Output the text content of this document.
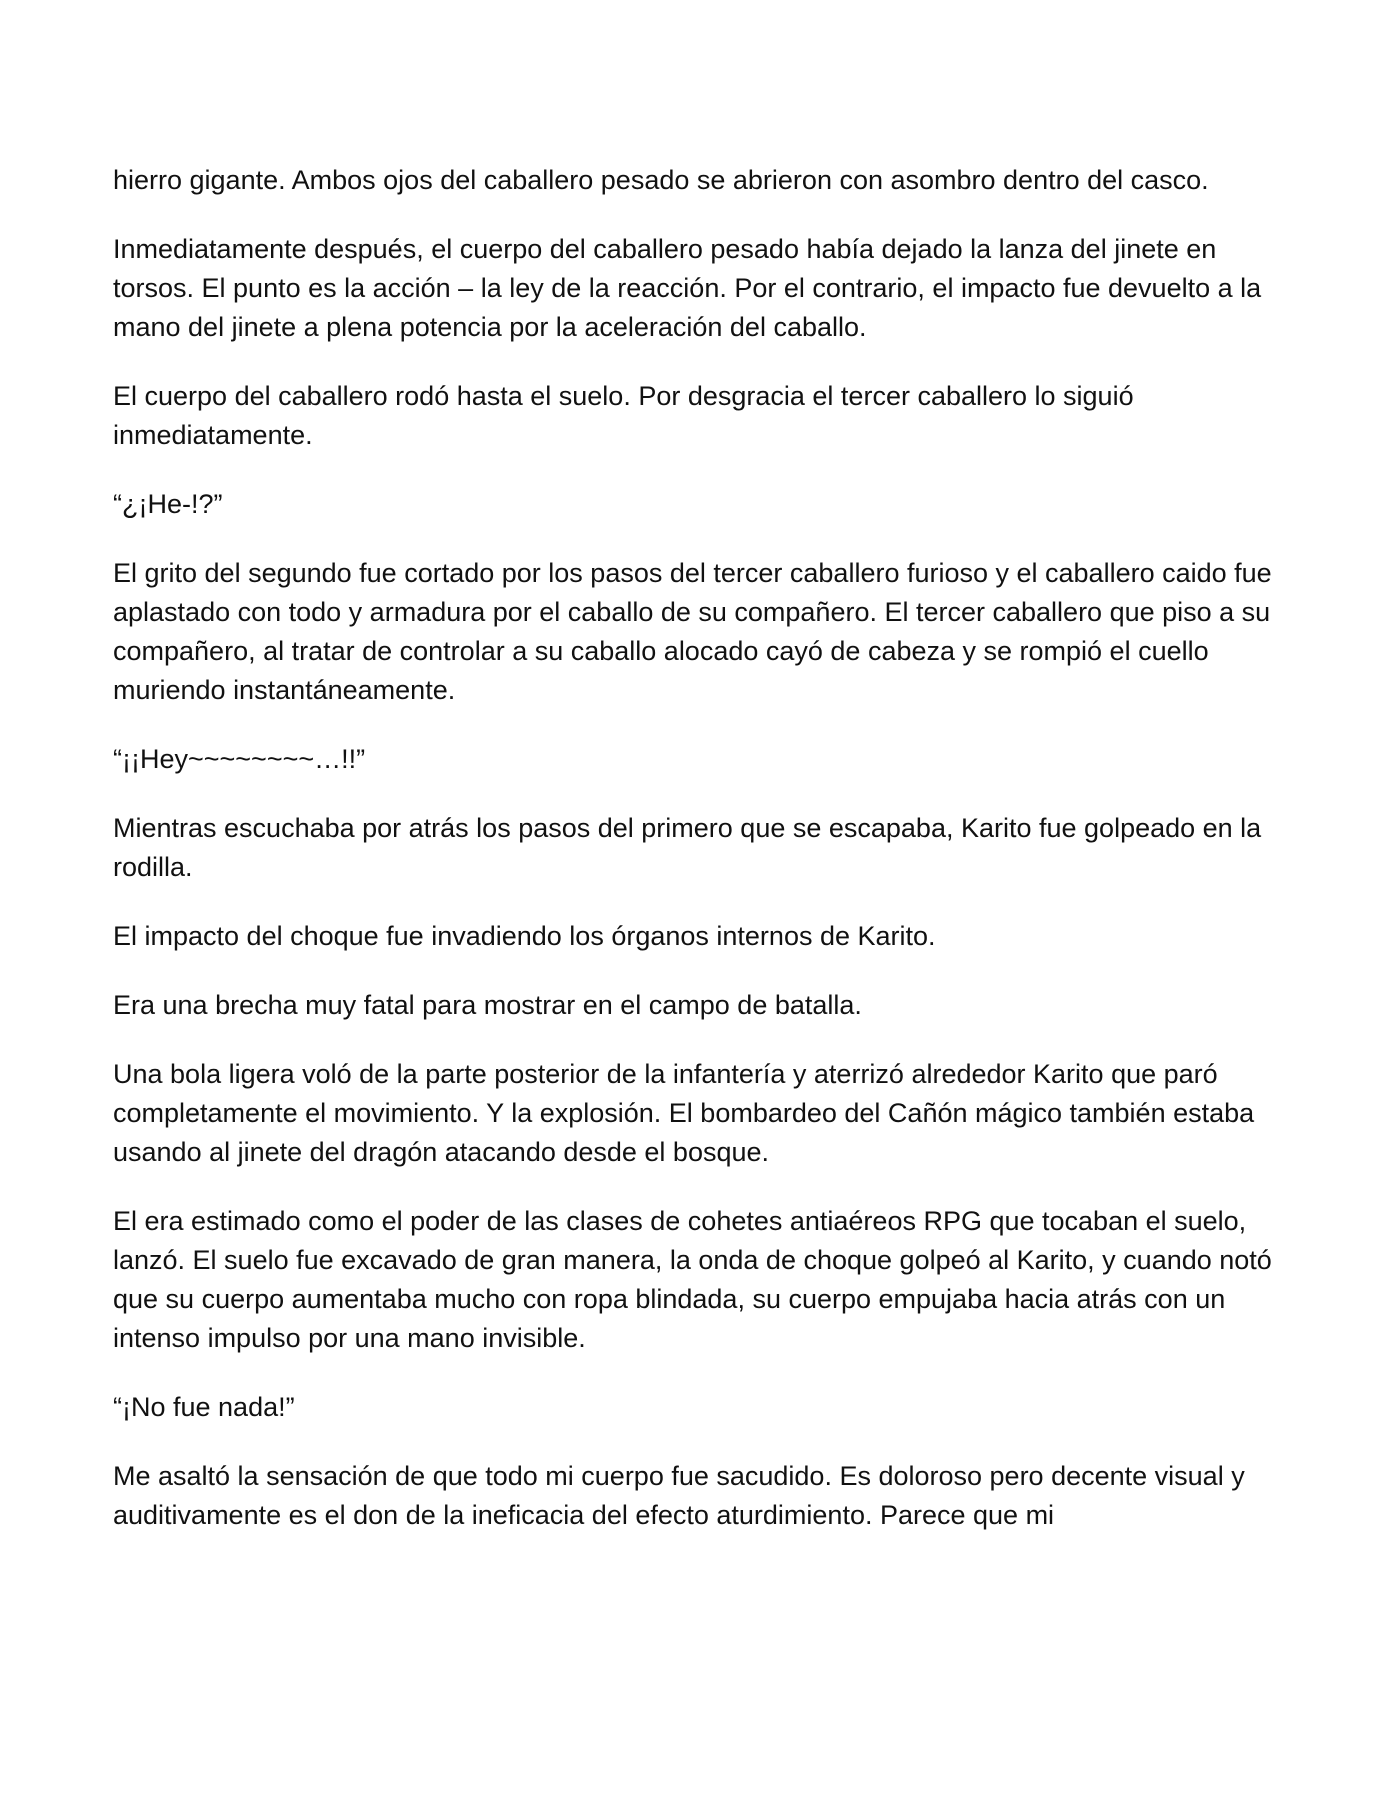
hierro gigante. Ambos ojos del caballero pesado se abrieron con asombro dentro del casco.

Inmediatamente después, el cuerpo del caballero pesado había dejado la lanza del jinete en torsos. El punto es la acción – la ley de la reacción. Por el contrario, el impacto fue devuelto a la mano del jinete a plena potencia por la aceleración del caballo.

El cuerpo del caballero rodó hasta el suelo. Por desgracia el tercer caballero lo siguió inmediatamente.

“¿¡He-!?”

El grito del segundo fue cortado por los pasos del tercer caballero furioso y el caballero caido fue aplastado con todo y armadura por el caballo de su compañero. El tercer caballero que piso a su compañero, al tratar de controlar a su caballo alocado cayó de cabeza y se rompió el cuello muriendo instantáneamente.

“¡¡Hey~~~~~~~~…!!”

Mientras escuchaba por atrás los pasos del primero que se escapaba, Karito fue golpeado en la rodilla.

El impacto del choque fue invadiendo los órganos internos de Karito.

Era una brecha muy fatal para mostrar en el campo de batalla.

Una bola ligera voló de la parte posterior de la infantería y aterrizó alrededor Karito que paró completamente el movimiento. Y la explosión. El bombardeo del Cañón mágico también estaba usando al jinete del dragón atacando desde el bosque.

El era estimado como el poder de las clases de cohetes antiaéreos RPG que tocaban el suelo, lanzó. El suelo fue excavado de gran manera, la onda de choque golpeó al Karito, y cuando notó que su cuerpo aumentaba mucho con ropa blindada, su cuerpo empujaba hacia atrás con un intenso impulso por una mano invisible.

“¡No fue nada!”

Me asaltó la sensación de que todo mi cuerpo fue sacudido. Es doloroso pero decente visual y auditivamente es el don de la ineficacia del efecto aturdimiento. Parece que mi
